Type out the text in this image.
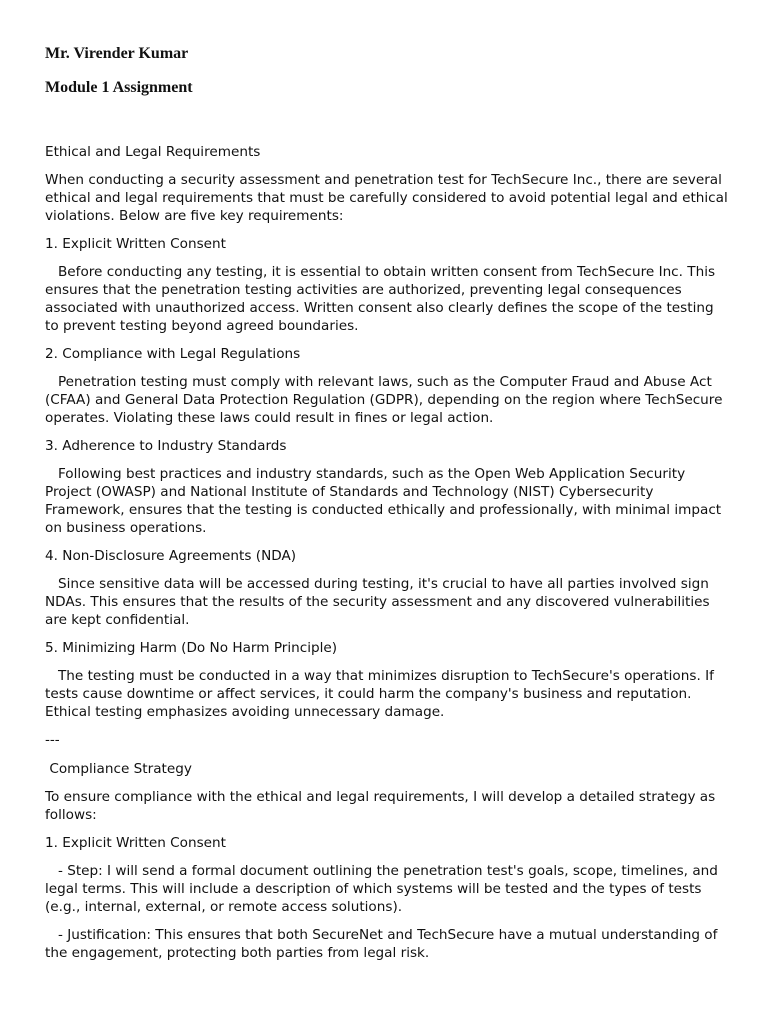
Mr. Virender Kumar
Module 1 Assignment

Ethical and Legal Requirements

When conducting a security assessment and penetration test for TechSecure Inc., there are several ethical and legal requirements that must be carefully considered to avoid potential legal and ethical violations. Below are five key requirements:

1. Explicit Written Consent

Before conducting any testing, it is essential to obtain written consent from TechSecure Inc. This ensures that the penetration testing activities are authorized, preventing legal consequences associated with unauthorized access. Written consent also clearly defines the scope of the testing to prevent testing beyond agreed boundaries.

2. Compliance with Legal Regulations

Penetration testing must comply with relevant laws, such as the Computer Fraud and Abuse Act (CFAA) and General Data Protection Regulation (GDPR), depending on the region where TechSecure operates. Violating these laws could result in fines or legal action.

3. Adherence to Industry Standards

Following best practices and industry standards, such as the Open Web Application Security Project (OWASP) and National Institute of Standards and Technology (NIST) Cybersecurity Framework, ensures that the testing is conducted ethically and professionally, with minimal impact on business operations.

4. Non-Disclosure Agreements (NDA)

Since sensitive data will be accessed during testing, it's crucial to have all parties involved sign NDAs. This ensures that the results of the security assessment and any discovered vulnerabilities are kept confidential.

5. Minimizing Harm (Do No Harm Principle)

The testing must be conducted in a way that minimizes disruption to TechSecure's operations. If tests cause downtime or affect services, it could harm the company's business and reputation. Ethical testing emphasizes avoiding unnecessary damage.

---

Compliance Strategy

To ensure compliance with the ethical and legal requirements, I will develop a detailed strategy as follows:

1. Explicit Written Consent

- Step: I will send a formal document outlining the penetration test's goals, scope, timelines, and legal terms. This will include a description of which systems will be tested and the types of tests (e.g., internal, external, or remote access solutions).

- Justification: This ensures that both SecureNet and TechSecure have a mutual understanding of the engagement, protecting both parties from legal risk.
